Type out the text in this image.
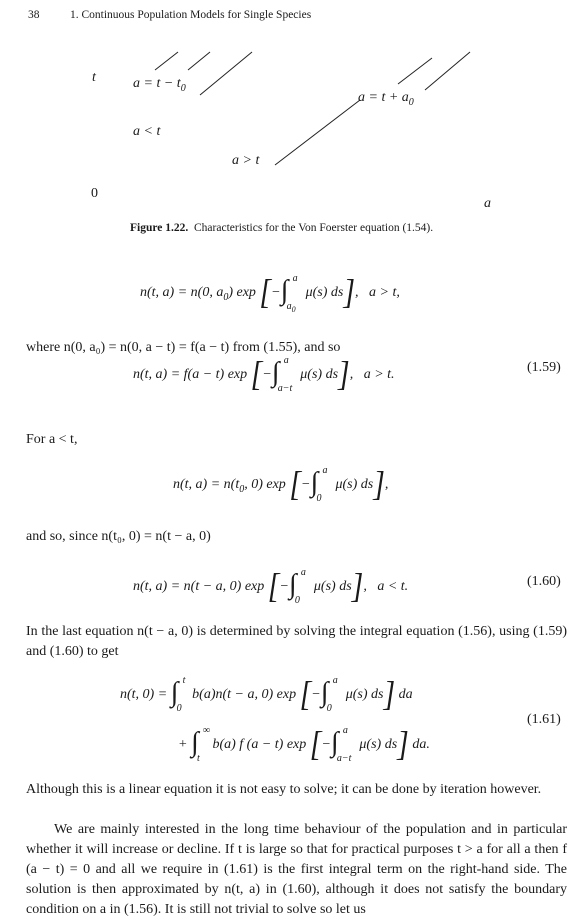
38	1. Continuous Population Models for Single Species
t
a
0
$a = t - t_0$
$a = t + a_0$
a < t
a > t
Figure 1.22. Characteristics for the Von Foerster equation (1.54).
n(t, a) = n(0, $a_0$) exp [− ∫ a
$a_0$
μ(s) ds],   a > t,
where n(0, a₀) = n(0, a − t) = f(a − t) from (1.55), and so
n(t, a) = f(a − t) exp [− ∫ a
a−t
μ(s) ds],   a > t.	(1.59)
For a < t,
n(t, $a) = n(t_0$, 0) exp [− ∫ a
0
μ(s) ds],
and so, since n(t₀, 0) = n(t − a, 0)
n(t, a) = n(t − a, 0) exp [− ∫ a
0
μ(s) ds],   a < t.	(1.60)
In the last equation n(t − a, 0) is determined by solving the integral equation (1.56), using (1.59) and (1.60) to get
n(t, 0) = ∫ t
0
b(a)n(t − a, 0) exp [− ∫ a
0
μ(s) ds] da
+ ∫ ∞
t
b(a) f (a − t) exp [− ∫ a
a−t
μ(s) ds] da.
(1.61)
Although this is a linear equation it is not easy to solve; it can be done by iteration however.
We are mainly interested in the long time behaviour of the population and in particular whether it will increase or decline. If t is large so that for practical purposes t > a for all a then f (a − t) = 0 and all we require in (1.61) is the first integral term on the right-hand side. The solution is then approximated by n(t, a) in (1.60), although it does not satisfy the boundary condition on a in (1.56). It is still not trivial to solve so let us
